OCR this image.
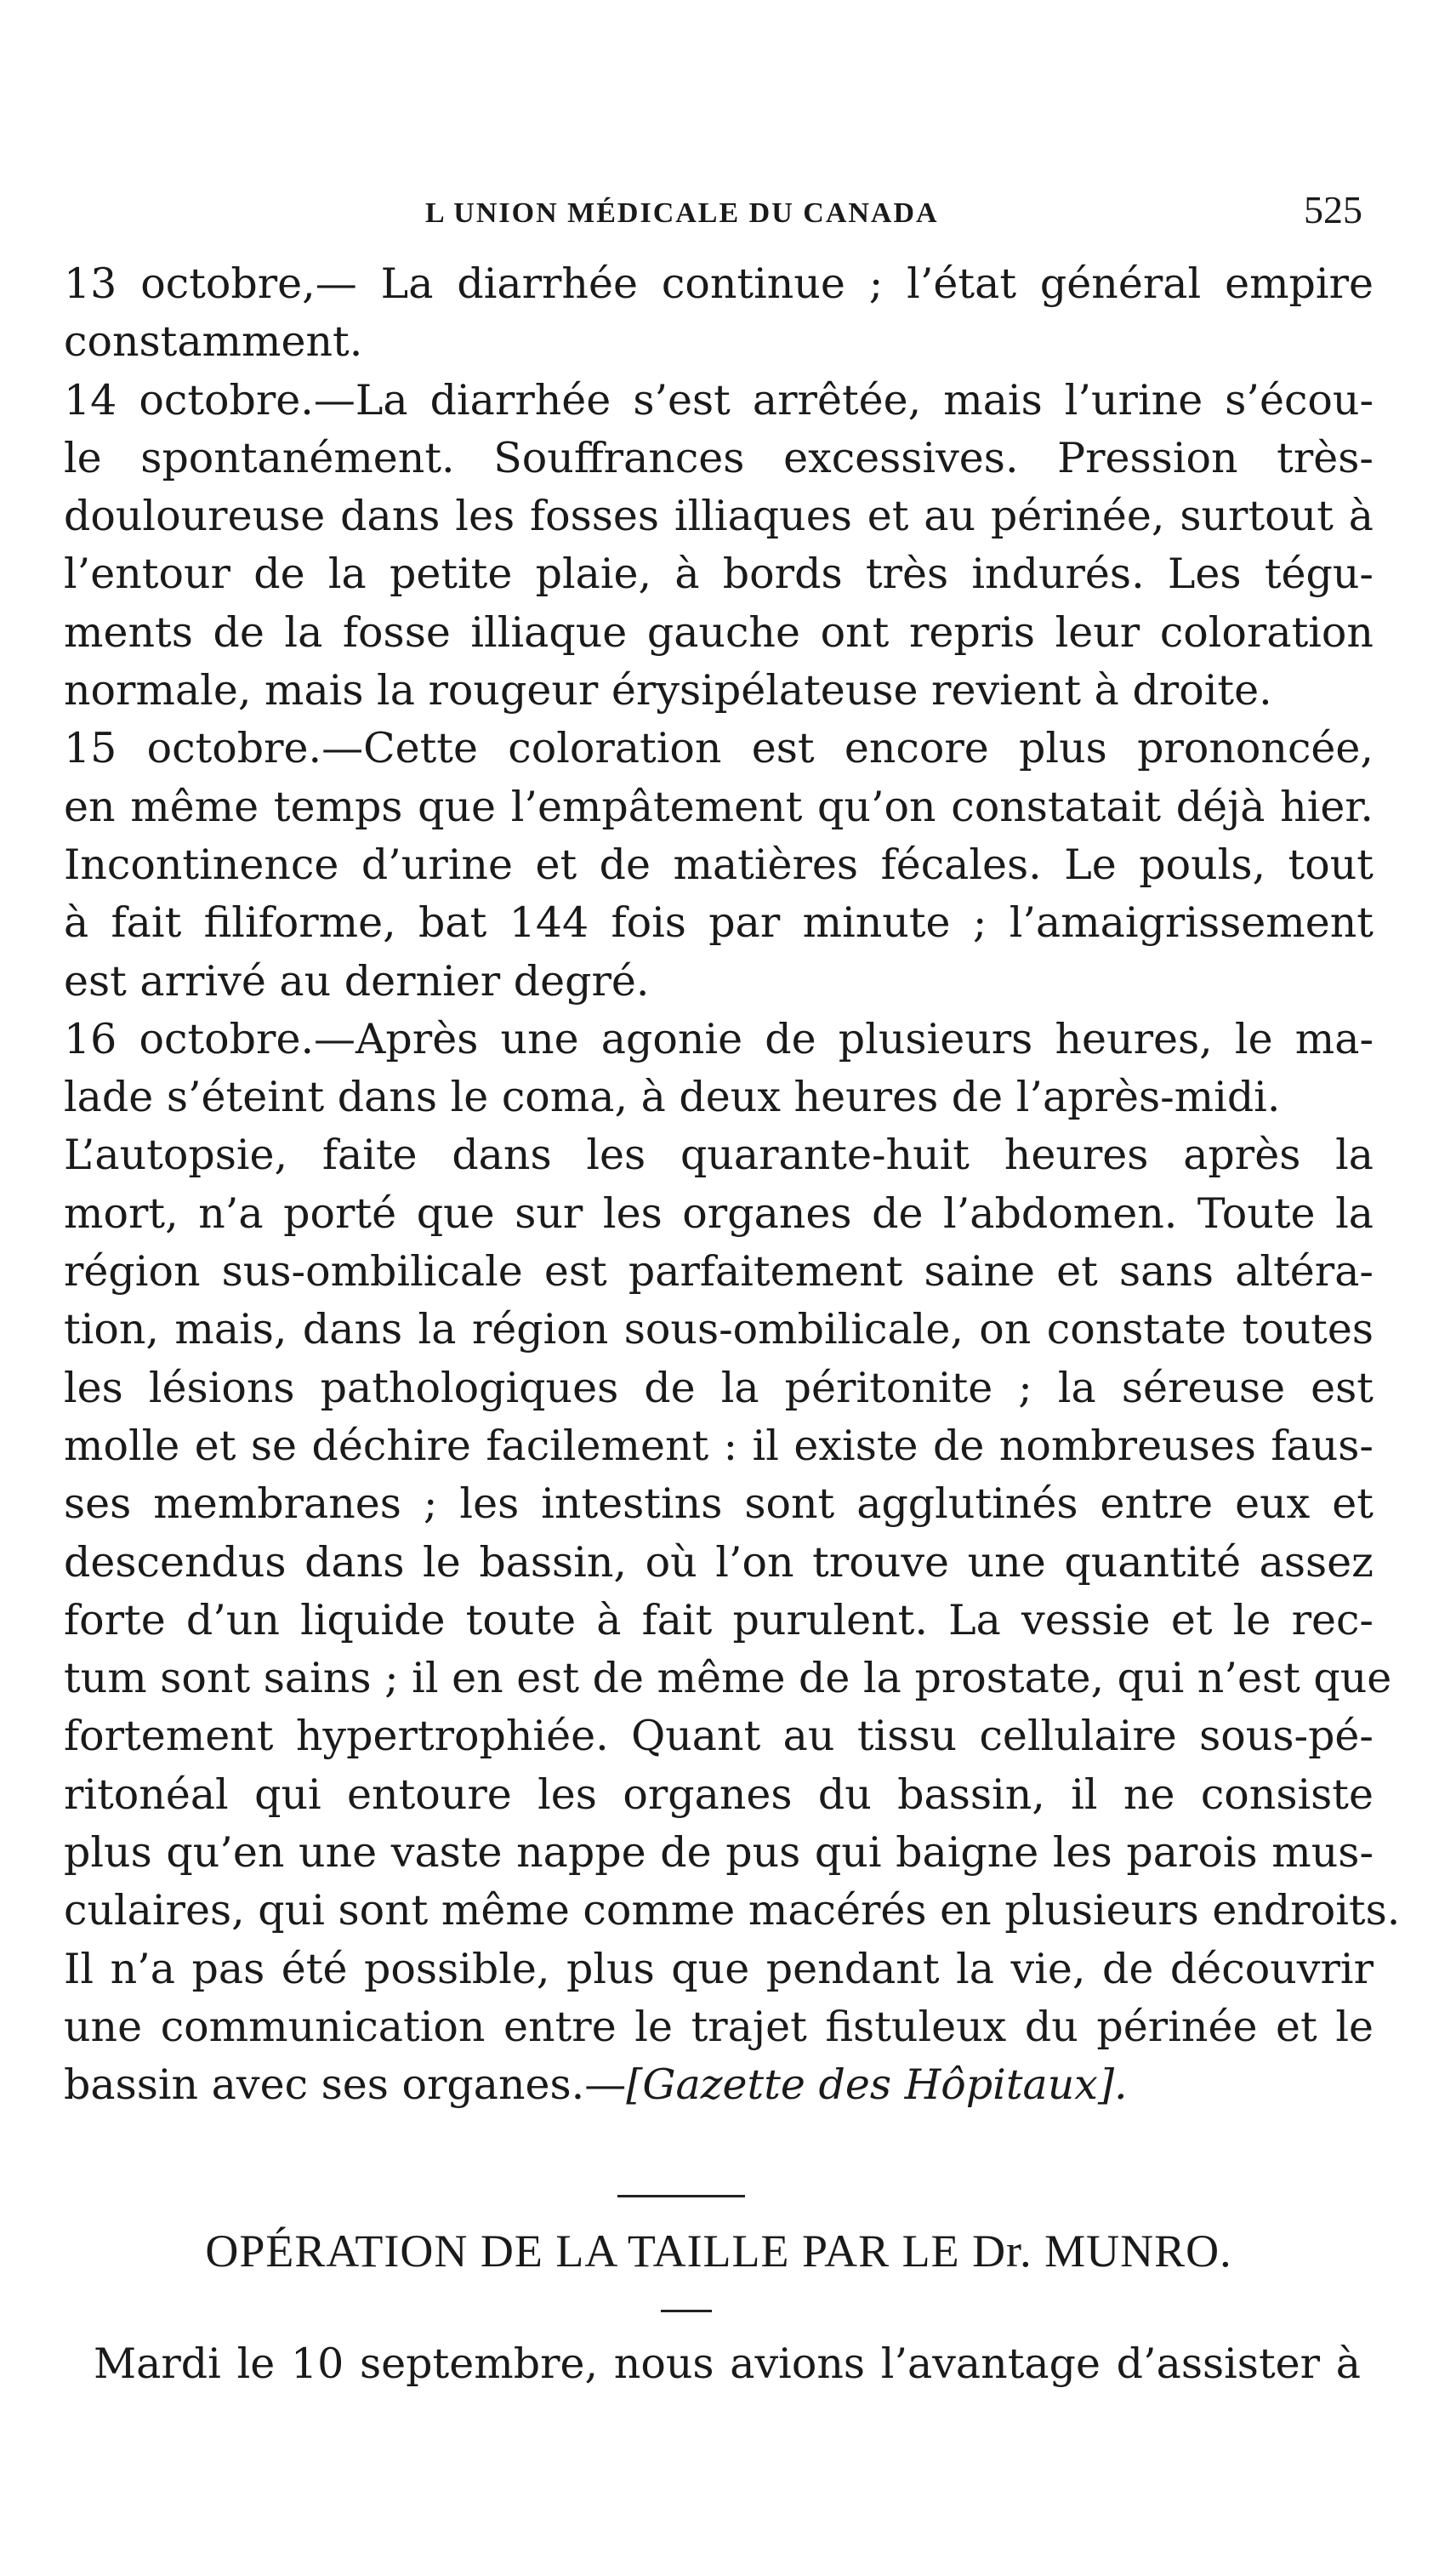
L UNION MÉDICALE DU CANADA	525
13 octobre,— La diarrhée continue ; l’état général empire
constamment.
14 octobre.—La diarrhée s’est arrêtée, mais l’urine s’écou-
le spontanément. Souffrances excessives. Pression très-
douloureuse dans les fosses illiaques et au périnée, surtout à
l’entour de la petite plaie, à bords très indurés. Les tégu-
ments de la fosse illiaque gauche ont repris leur coloration
normale, mais la rougeur érysipélateuse revient à droite.
15 octobre.—Cette coloration est encore plus prononcée,
en même temps que l’empâtement qu’on constatait déjà hier.
Incontinence d’urine et de matières fécales. Le pouls, tout
à fait filiforme, bat 144 fois par minute ; l’amaigrissement
est arrivé au dernier degré.
16 octobre.—Après une agonie de plusieurs heures, le ma-
lade s’éteint dans le coma, à deux heures de l’après-midi.
L’autopsie, faite dans les quarante-huit heures après la
mort, n’a porté que sur les organes de l’abdomen. Toute la
région sus-ombilicale est parfaitement saine et sans altéra-
tion, mais, dans la région sous-ombilicale, on constate toutes
les lésions pathologiques de la péritonite ; la séreuse est
molle et se déchire facilement : il existe de nombreuses faus-
ses membranes ; les intestins sont agglutinés entre eux et
descendus dans le bassin, où l’on trouve une quantité assez
forte d’un liquide toute à fait purulent. La vessie et le rec-
tum sont sains ; il en est de même de la prostate, qui n’est que
fortement hypertrophiée. Quant au tissu cellulaire sous-pé-
ritonéal qui entoure les organes du bassin, il ne consiste
plus qu’en une vaste nappe de pus qui baigne les parois mus-
culaires, qui sont même comme macérés en plusieurs endroits.
Il n’a pas été possible, plus que pendant la vie, de découvrir
une communication entre le trajet fistuleux du périnée et le
bassin avec ses organes.—[Gazette des Hôpitaux].
OPÉRATION DE LA TAILLE PAR LE Dr. MUNRO.
Mardi le 10 septembre, nous avions l’avantage d’assister à
